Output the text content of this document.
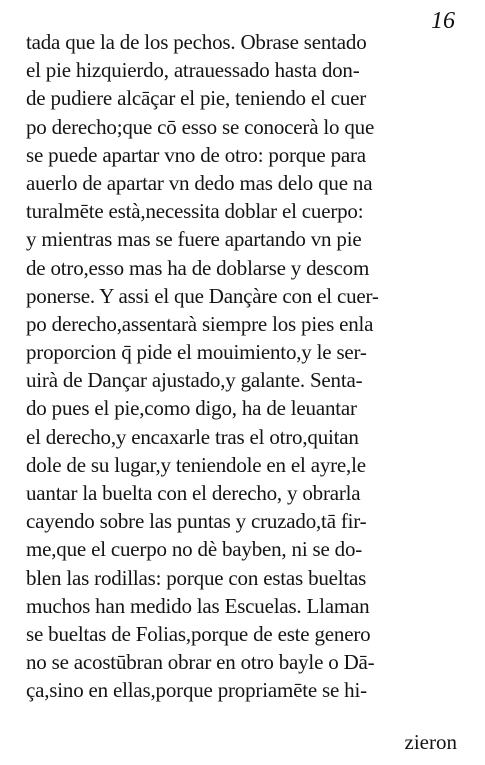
16
tada que la de los pechos. Obrase sentado
el pie hizquierdo, atrauessado hasta don-
de pudiere alcāçar el pie, teniendo el cuer
po derecho;que cō esso se conocerà lo que
se puede apartar vno de otro: porque para
auerlo de apartar vn dedo mas delo que na
turalmēte està,necessita doblar el cuerpo:
y mientras mas se fuere apartando vn pie
de otro,esso mas ha de doblarse y descom
ponerse. Y assi el que Dançàre con el cuer-
po derecho,assentarà siempre los pies enla
proporcion q̄ pide el mouimiento,y le ser-
uirà de Dançar ajustado,y galante. Senta-
do pues el pie,como digo, ha de leuantar
el derecho,y encaxarle tras el otro,quitan
dole de su lugar,y teniendole en el ayre,le
uantar la buelta con el derecho, y obrarla
cayendo sobre las puntas y cruzado,tā fir-
me,que el cuerpo no dè bayben, ni se do-
blen las rodillas: porque con estas bueltas
muchos han medido las Escuelas. Llaman
se bueltas de Folias,porque de este genero
no se acostūbran obrar en otro bayle o Dā-
ça,sino en ellas,porque propriamēte se hi-
zieron
